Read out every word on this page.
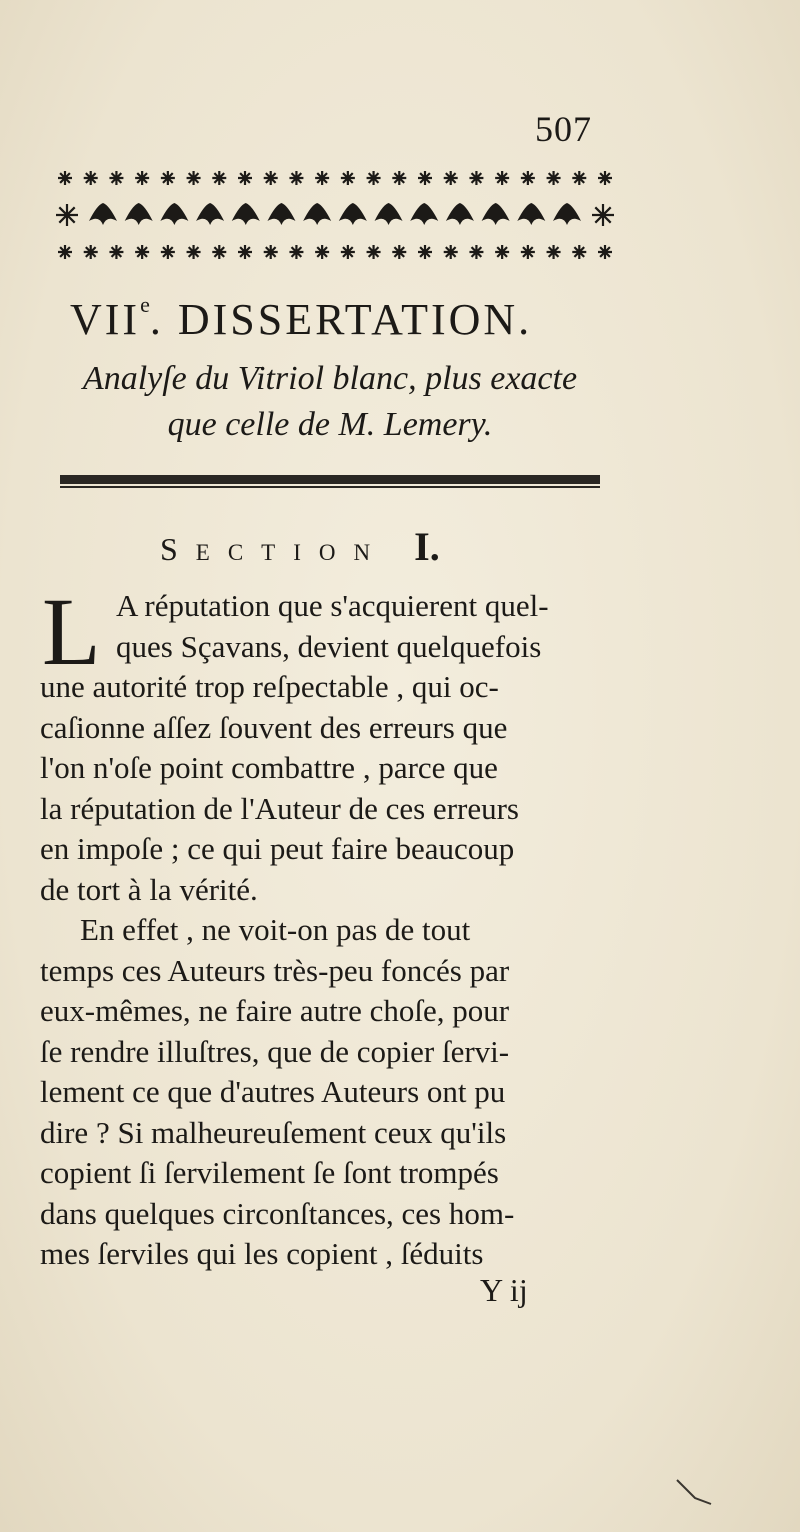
507
VIIe. DISSERTATION.
Analyſe du Vitriol blanc, plus exacte
que celle de M. Lemery.
SECTION I.
L A réputation que s'acquierent quel-
ques Sçavans, devient quelquefois
une autorité trop reſpectable , qui oc-
caſionne aſſez ſouvent des erreurs que
l'on n'oſe point combattre , parce que
la réputation de l'Auteur de ces erreurs
en impoſe ; ce qui peut faire beaucoup
de tort à la vérité.
En effet , ne voit-on pas de tout
temps ces Auteurs très-peu foncés par
eux-mêmes, ne faire autre choſe, pour
ſe rendre illuſtres, que de copier ſervi-
lement ce que d'autres Auteurs ont pu
dire ? Si malheureuſement ceux qu'ils
copient ſi ſervilement ſe ſont trompés
dans quelques circonſtances, ces hom-
mes ſerviles qui les copient , ſéduits
Y ij
